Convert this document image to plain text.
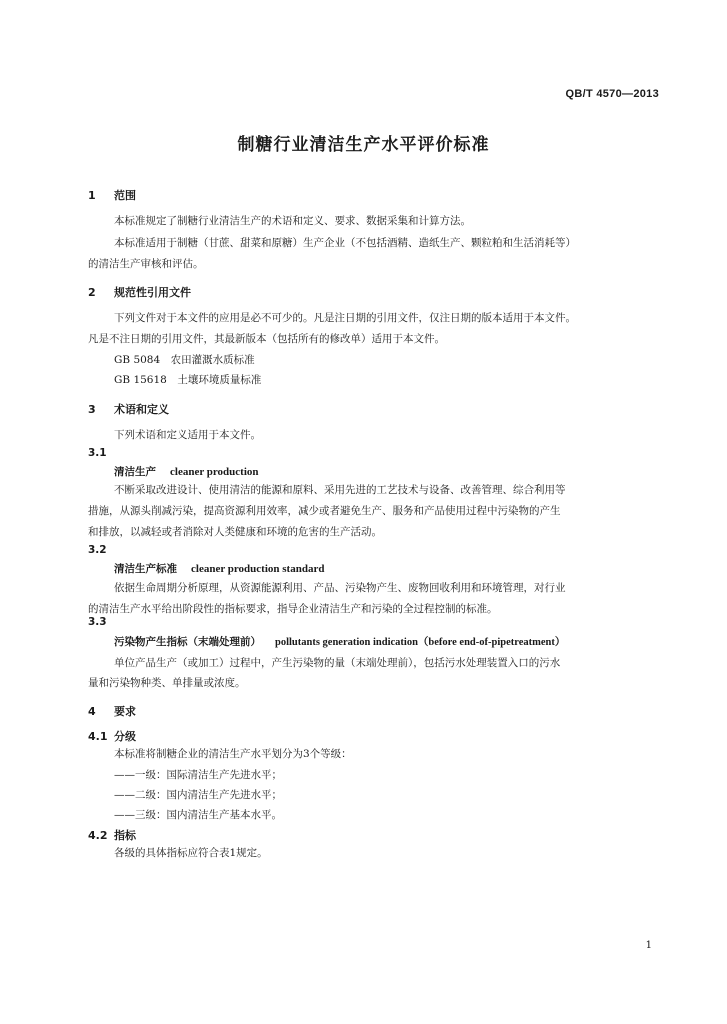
QB/T 4570—2013
制糖行业清洁生产水平评价标准
1 范围
本标准规定了制糖行业清洁生产的术语和定义、要求、数据采集和计算方法。
本标准适用于制糖（甘蔗、甜菜和原糖）生产企业（不包括酒精、造纸生产、颗粒粕和生活消耗等）
的清洁生产审核和评估。
2 规范性引用文件
下列文件对于本文件的应用是必不可少的。凡是注日期的引用文件，仅注日期的版本适用于本文件。
凡是不注日期的引用文件，其最新版本（包括所有的修改单）适用于本文件。
GB 5084　农田灌溉水质标准
GB 15618　土壤环境质量标准
3 术语和定义
下列术语和定义适用于本文件。
3.1
清洁生产 cleaner production
不断采取改进设计、使用清洁的能源和原料、采用先进的工艺技术与设备、改善管理、综合利用等
措施，从源头削减污染，提高资源利用效率，减少或者避免生产、服务和产品使用过程中污染物的产生
和排放，以减轻或者消除对人类健康和环境的危害的生产活动。
3.2
清洁生产标准 cleaner production standard
依据生命周期分析原理，从资源能源利用、产品、污染物产生、废物回收利用和环境管理，对行业
的清洁生产水平给出阶段性的指标要求，指导企业清洁生产和污染的全过程控制的标准。
3.3
污染物产生指标（末端处理前） pollutants generation indication（before end-of-pipetreatment）
单位产品生产（或加工）过程中，产生污染物的量（末端处理前），包括污水处理装置入口的污水
量和污染物种类、单排量或浓度。
4 要求
4.1 分级
本标准将制糖企业的清洁生产水平划分为3个等级：
——一级：国际清洁生产先进水平；
——二级：国内清洁生产先进水平；
——三级：国内清洁生产基本水平。
4.2 指标
各级的具体指标应符合表1规定。
1
